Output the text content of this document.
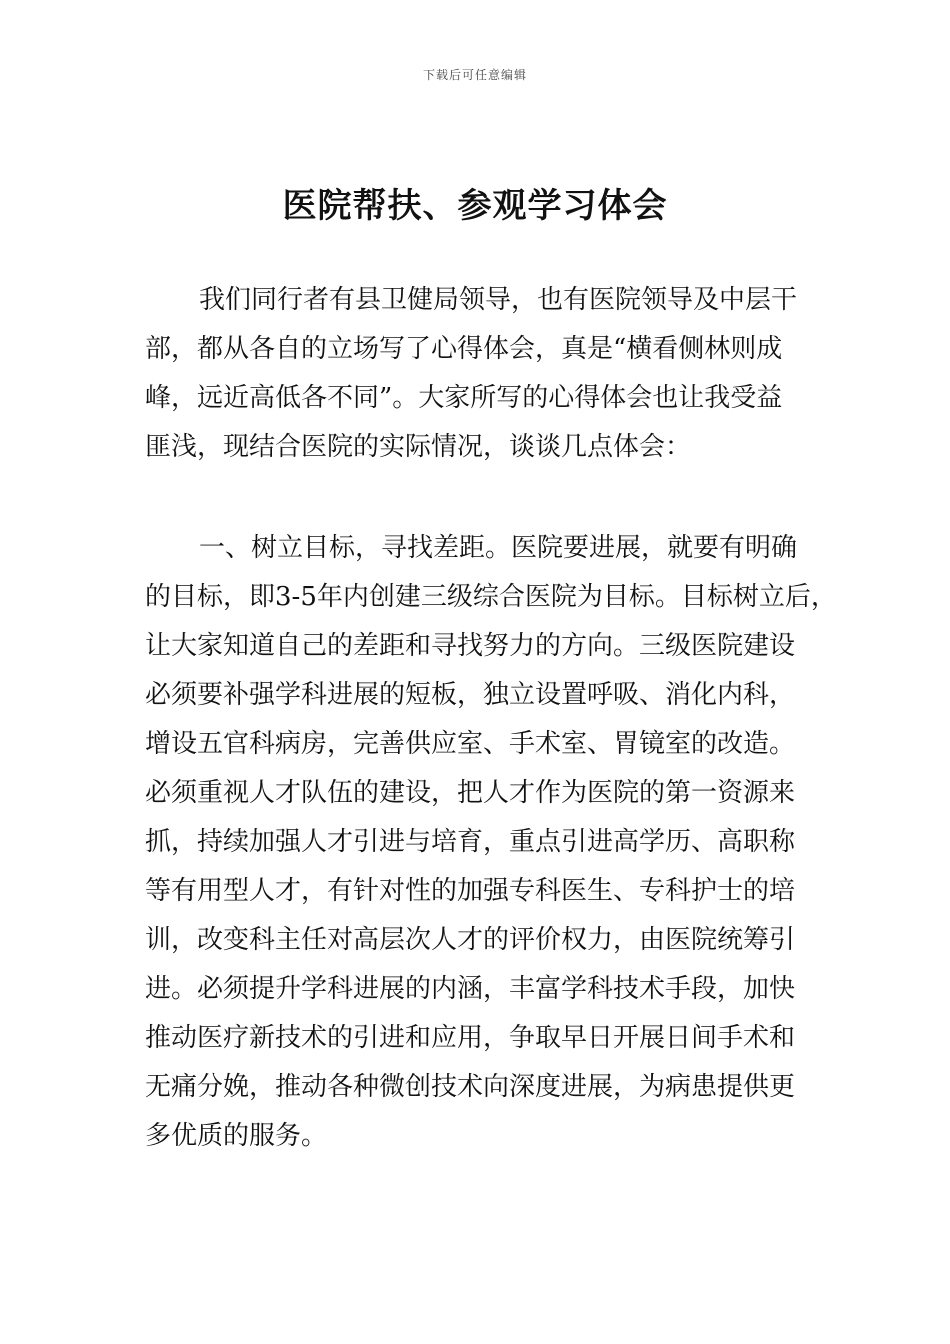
下载后可任意编辑
医院帮扶、参观学习体会
我们同行者有县卫健局领导，也有医院领导及中层干
部，都从各自的立场写了心得体会，真是“横看侧林则成
峰，远近高低各不同”。大家所写的心得体会也让我受益
匪浅，现结合医院的实际情况，谈谈几点体会：
一、树立目标，寻找差距。医院要进展，就要有明确
的目标，即3-5年内创建三级综合医院为目标。目标树立后，
让大家知道自己的差距和寻找努力的方向。三级医院建设
必须要补强学科进展的短板，独立设置呼吸、消化内科，
增设五官科病房，完善供应室、手术室、胃镜室的改造。
必须重视人才队伍的建设，把人才作为医院的第一资源来
抓，持续加强人才引进与培育，重点引进高学历、高职称
等有用型人才，有针对性的加强专科医生、专科护士的培
训，改变科主任对高层次人才的评价权力，由医院统筹引
进。必须提升学科进展的内涵，丰富学科技术手段，加快
推动医疗新技术的引进和应用，争取早日开展日间手术和
无痛分娩，推动各种微创技术向深度进展，为病患提供更
多优质的服务。
